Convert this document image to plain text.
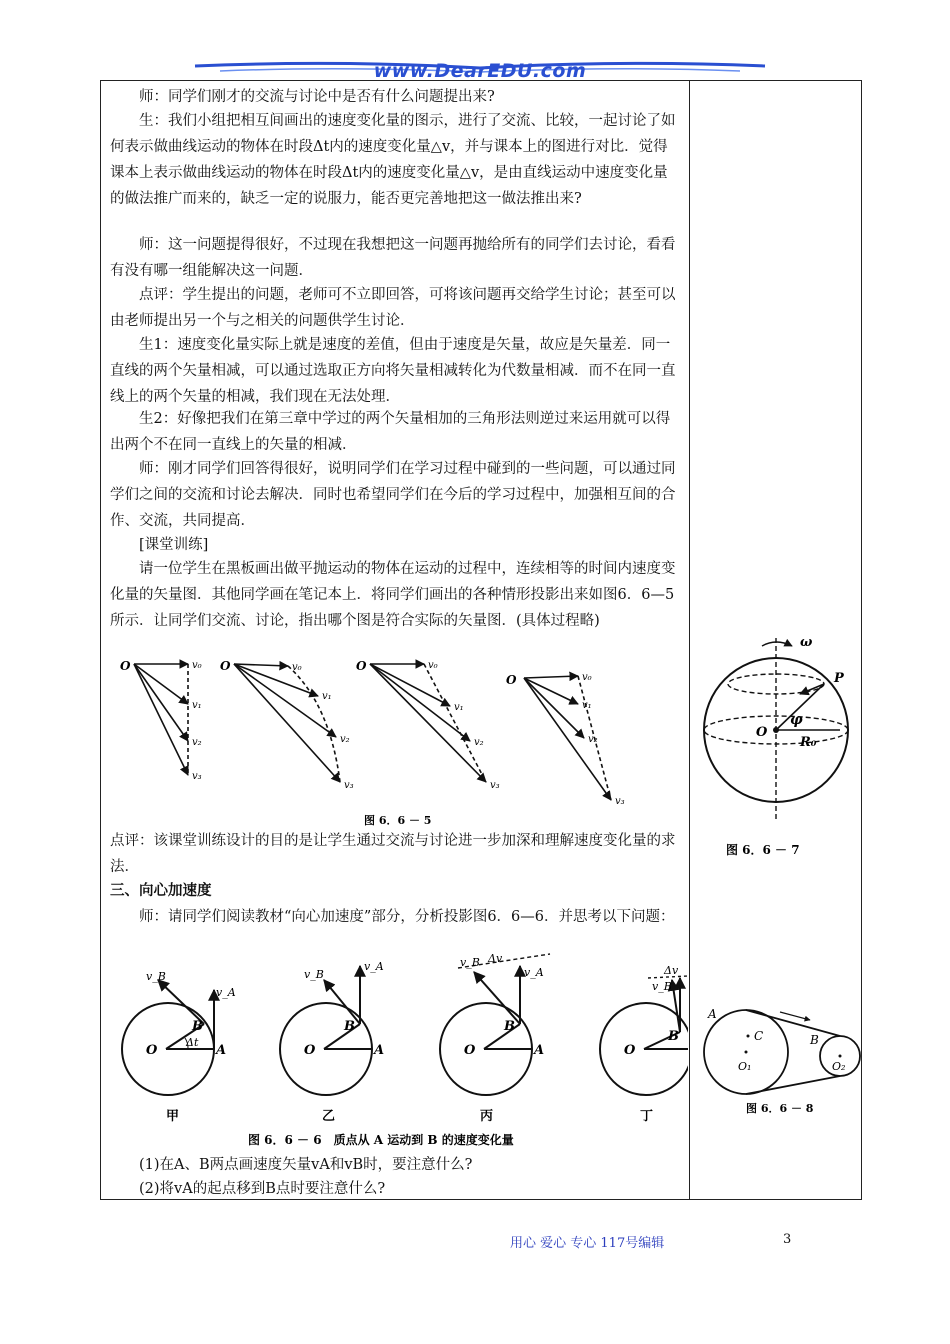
www.DearEDU.com

师：同学们刚才的交流与讨论中是否有什么问题提出来?

生：我们小组把相互间画出的速度变化量的图示，进行了交流、比较，一起讨论了如何表示做曲线运动的物体在时段Δt内的速度变化量△v，并与课本上的图进行对比．觉得课本上表示做曲线运动的物体在时段Δt内的速度变化量△v，是由直线运动中速度变化量的做法推广而来的，缺乏一定的说服力，能否更完善地把这一做法推出来?

师：这一问题提得很好，不过现在我想把这一问题再抛给所有的同学们去讨论，看看有没有哪一组能解决这一问题．

点评：学生提出的问题，老师可不立即回答，可将该问题再交给学生讨论；甚至可以由老师提出另一个与之相关的问题供学生讨论．

生1：速度变化量实际上就是速度的差值，但由于速度是矢量，故应是矢量差．同一直线的两个矢量相减，可以通过选取正方向将矢量相减转化为代数量相减．而不在同一直线上的两个矢量的相减，我们现在无法处理．

生2：好像把我们在第三章中学过的两个矢量相加的三角形法则逆过来运用就可以得出两个不在同一直线上的矢量的相减．

师：刚才同学们回答得很好，说明同学们在学习过程中碰到的一些问题，可以通过同学们之间的交流和讨论去解决．同时也希望同学们在今后的学习过程中，加强相互间的合作、交流，共同提高．

[课堂训练]

请一位学生在黑板画出做平抛运动的物体在运动的过程中，连续相等的时间内速度变化量的矢量图．其他同学画在笔记本上．将同学们画出的各种情形投影出来如图6．6—5所示．让同学们交流、讨论，指出哪个图是符合实际的矢量图．(具体过程略)

O	v₀
v₁
v₂
v₃
O	v₀
v₁
v₂
v₃
O	v₀
v₁
v₂
v₃
O	v₀
v₁
v₂
v₃
图 6．6 － 5

点评：该课堂训练设计的目的是让学生通过交流与讨论进一步加深和理解速度变化量的求法．

三、向心加速度

师：请同学们阅读教材“向心加速度”部分，分析投影图6．6—6．并思考以下问题：

O	A
B
v_A
v_B
Δt
甲
O	A
B
v_A
v_B
乙
O	A
B
v_A
v_B Δv
丙
O
B
v_B
Δv
丁
图 6．6 － 6　质点从 A 运动到 B 的速度变化量

(1)在A、B两点画速度矢量vA和vB时，要注意什么?

(2)将vA的起点移到B点时要注意什么?

ω
P
O
φ
R₀
图 6．6 － 7
A
C	B
O₁	O₂
图 6．6 － 8
用心 爱心 专心 117号编辑	3
